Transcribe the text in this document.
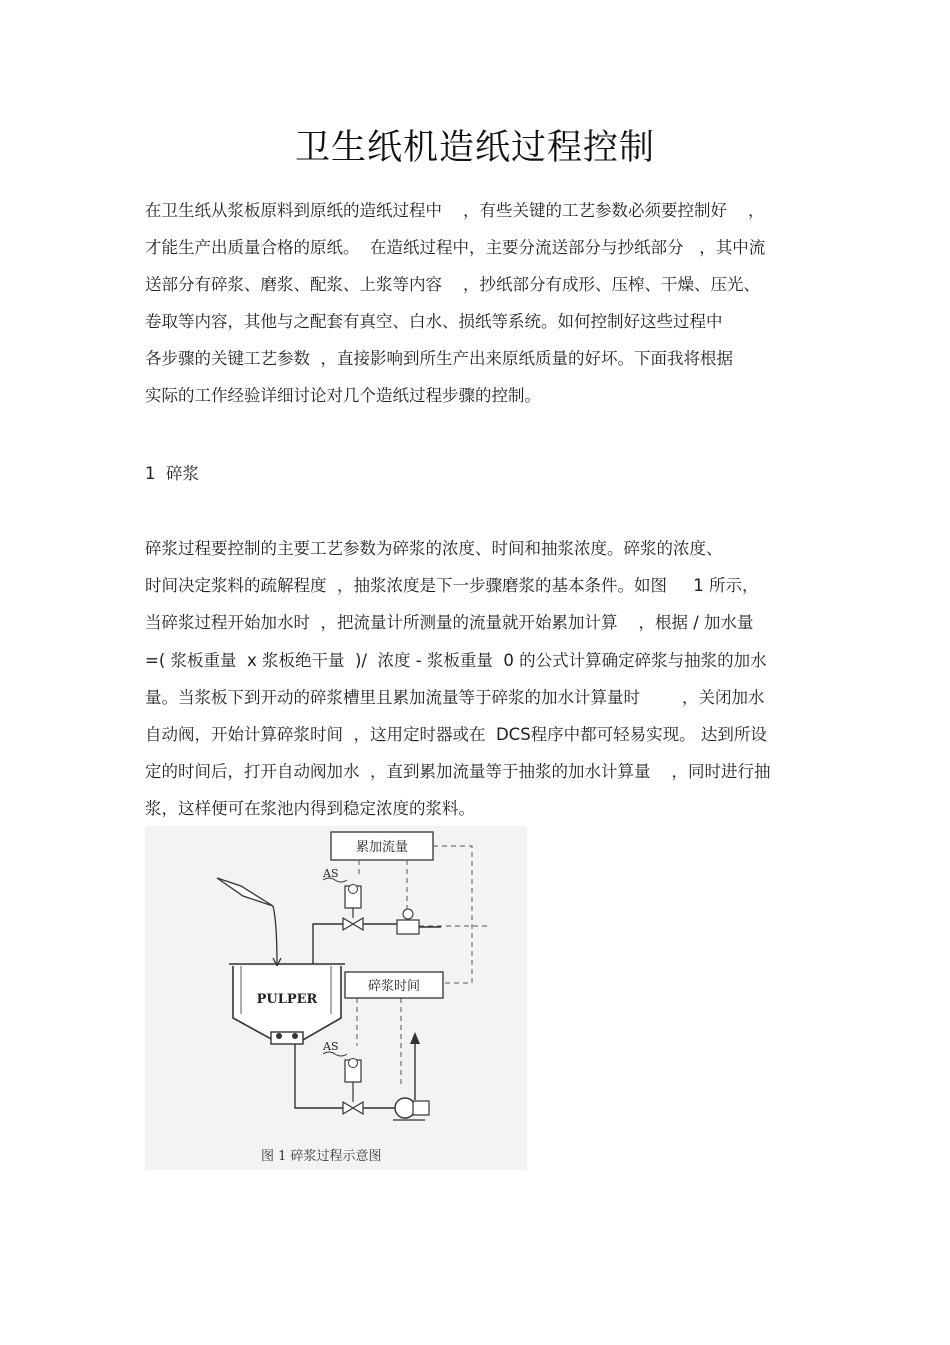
卫生纸机造纸过程控制
在卫生纸从浆板原料到原纸的造纸过程中    ，有些关键的工艺参数必须要控制好    ，
才能生产出质量合格的原纸。  在造纸过程中，主要分流送部分与抄纸部分   ，其中流
送部分有碎浆、磨浆、配浆、上浆等内容    ，抄纸部分有成形、压榨、干燥、压光、
卷取等内容，其他与之配套有真空、白水、损纸等系统。如何控制好这些过程中
各步骤的关键工艺参数  ，直接影响到所生产出来原纸质量的好坏。下面我将根据
实际的工作经验详细讨论对几个造纸过程步骤的控制。
1  碎浆
碎浆过程要控制的主要工艺参数为碎浆的浓度、时间和抽浆浓度。碎浆的浓度、
时间决定浆料的疏解程度  ，抽浆浓度是下一步骤磨浆的基本条件。如图     1 所示，
当碎浆过程开始加水时  ，把流量计所测量的流量就开始累加计算    ，根据 / 加水量
=( 浆板重量  x 浆板绝干量  )/  浓度 - 浆板重量  0 的公式计算确定碎浆与抽浆的加水
量。当浆板下到开动的碎浆槽里且累加流量等于碎浆的加水计算量时        ，关闭加水
自动阀，开始计算碎浆时间  ，这用定时器或在  DCS程序中都可轻易实现。 达到所设
定的时间后，打开自动阀加水  ，直到累加流量等于抽浆的加水计算量    ，同时进行抽
浆，这样便可在浆池内得到稳定浓度的浆料。
累加流量
AS
PULPER
碎浆时间
AS
图 1 碎浆过程示意图
